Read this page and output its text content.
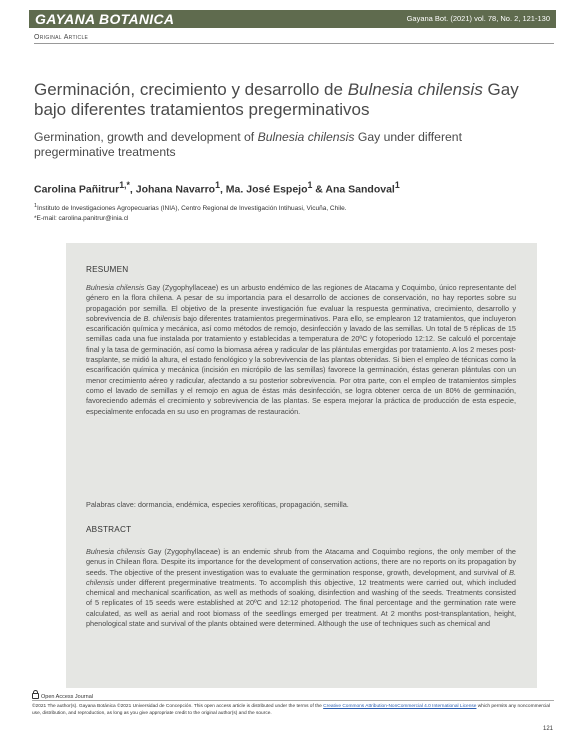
GAYANA BOTANICA	Gayana Bot. (2021) vol. 78, No. 2, 121-130
Original Article
Germinación, crecimiento y desarrollo de Bulnesia chilensis Gay bajo diferentes tratamientos pregerminativos
Germination, growth and development of Bulnesia chilensis Gay under different pregerminative treatments
Carolina Pañitrur$^{1,*}$, Johana Navarro$^1$, Ma. José Espejo$^1$ & Ana Sandoval$^1$
$^1$Instituto de Investigaciones Agropecuarias (INIA), Centro Regional de Investigación Intihuasi, Vicuña, Chile.
*E-mail: carolina.panitrur@inia.cl
RESUMEN
Bulnesia chilensis Gay (Zygophyllaceae) es un arbusto endémico de las regiones de Atacama y Coquimbo, único representante del género en la flora chilena. A pesar de su importancia para el desarrollo de acciones de conservación, no hay reportes sobre su propagación por semilla. El objetivo de la presente investigación fue evaluar la respuesta germinativa, crecimiento, desarrollo y sobrevivencia de B. chilensis bajo diferentes tratamientos pregerminativos. Para ello, se emplearon 12 tratamientos, que incluyeron escarificación química y mecánica, así como métodos de remojo, desinfección y lavado de las semillas. Un total de 5 réplicas de 15 semillas cada una fue instalada por tratamiento y establecidas a temperatura de 20ºC y fotoperiodo 12:12. Se calculó el porcentaje final y la tasa de germinación, así como la biomasa aérea y radicular de las plántulas emergidas por tratamiento. A los 2 meses post-trasplante, se midió la altura, el estado fenológico y la sobrevivencia de las plantas obtenidas. Si bien el empleo de técnicas como la escarificación química y mecánica (incisión en micrópilo de las semillas) favorece la germinación, éstas generan plántulas con un menor crecimiento aéreo y radicular, afectando a su posterior sobrevivencia. Por otra parte, con el empleo de tratamientos simples como el lavado de semillas y el remojo en agua de éstas más desinfección, se logra obtener cerca de un 80% de germinación, favoreciendo además el crecimiento y sobrevivencia de las plantas. Se espera mejorar la práctica de producción de esta especie, especialmente enfocada en su uso en programas de restauración.
Palabras clave: dormancia, endémica, especies xerofíticas, propagación, semilla.
ABSTRACT
Bulnesia chilensis Gay (Zygophyllaceae) is an endemic shrub from the Atacama and Coquimbo regions, the only member of the genus in Chilean flora. Despite its importance for the development of conservation actions, there are no reports on its propagation by seeds. The objective of the present investigation was to evaluate the germination response, growth, development, and survival of B. chilensis under different pregerminative treatments. To accomplish this objective, 12 treatments were carried out, which included chemical and mechanical scarification, as well as methods of soaking, disinfection and washing of the seeds. Treatments consisted of 5 replicates of 15 seeds were established at 20ºC and 12:12 photoperiod. The final percentage and the germination rate were calculated, as well as aerial and root biomass of the seedlings emerged per treatment. At 2 months post-transplantation, height, phenological state and survival of the plants obtained were determined. Although the use of techniques such as chemical and
Open Access Journal
©2021 The author(s). Gayana Botánica ©2021 Universidad de Concepción. This open access article is distributed under the terms of the Creative Commons Attribution-NonCommercial 4.0 International License which permits any noncommercial use, distribution, and reproduction, as long as you give appropriate credit to the original author(s) and the source.
121
